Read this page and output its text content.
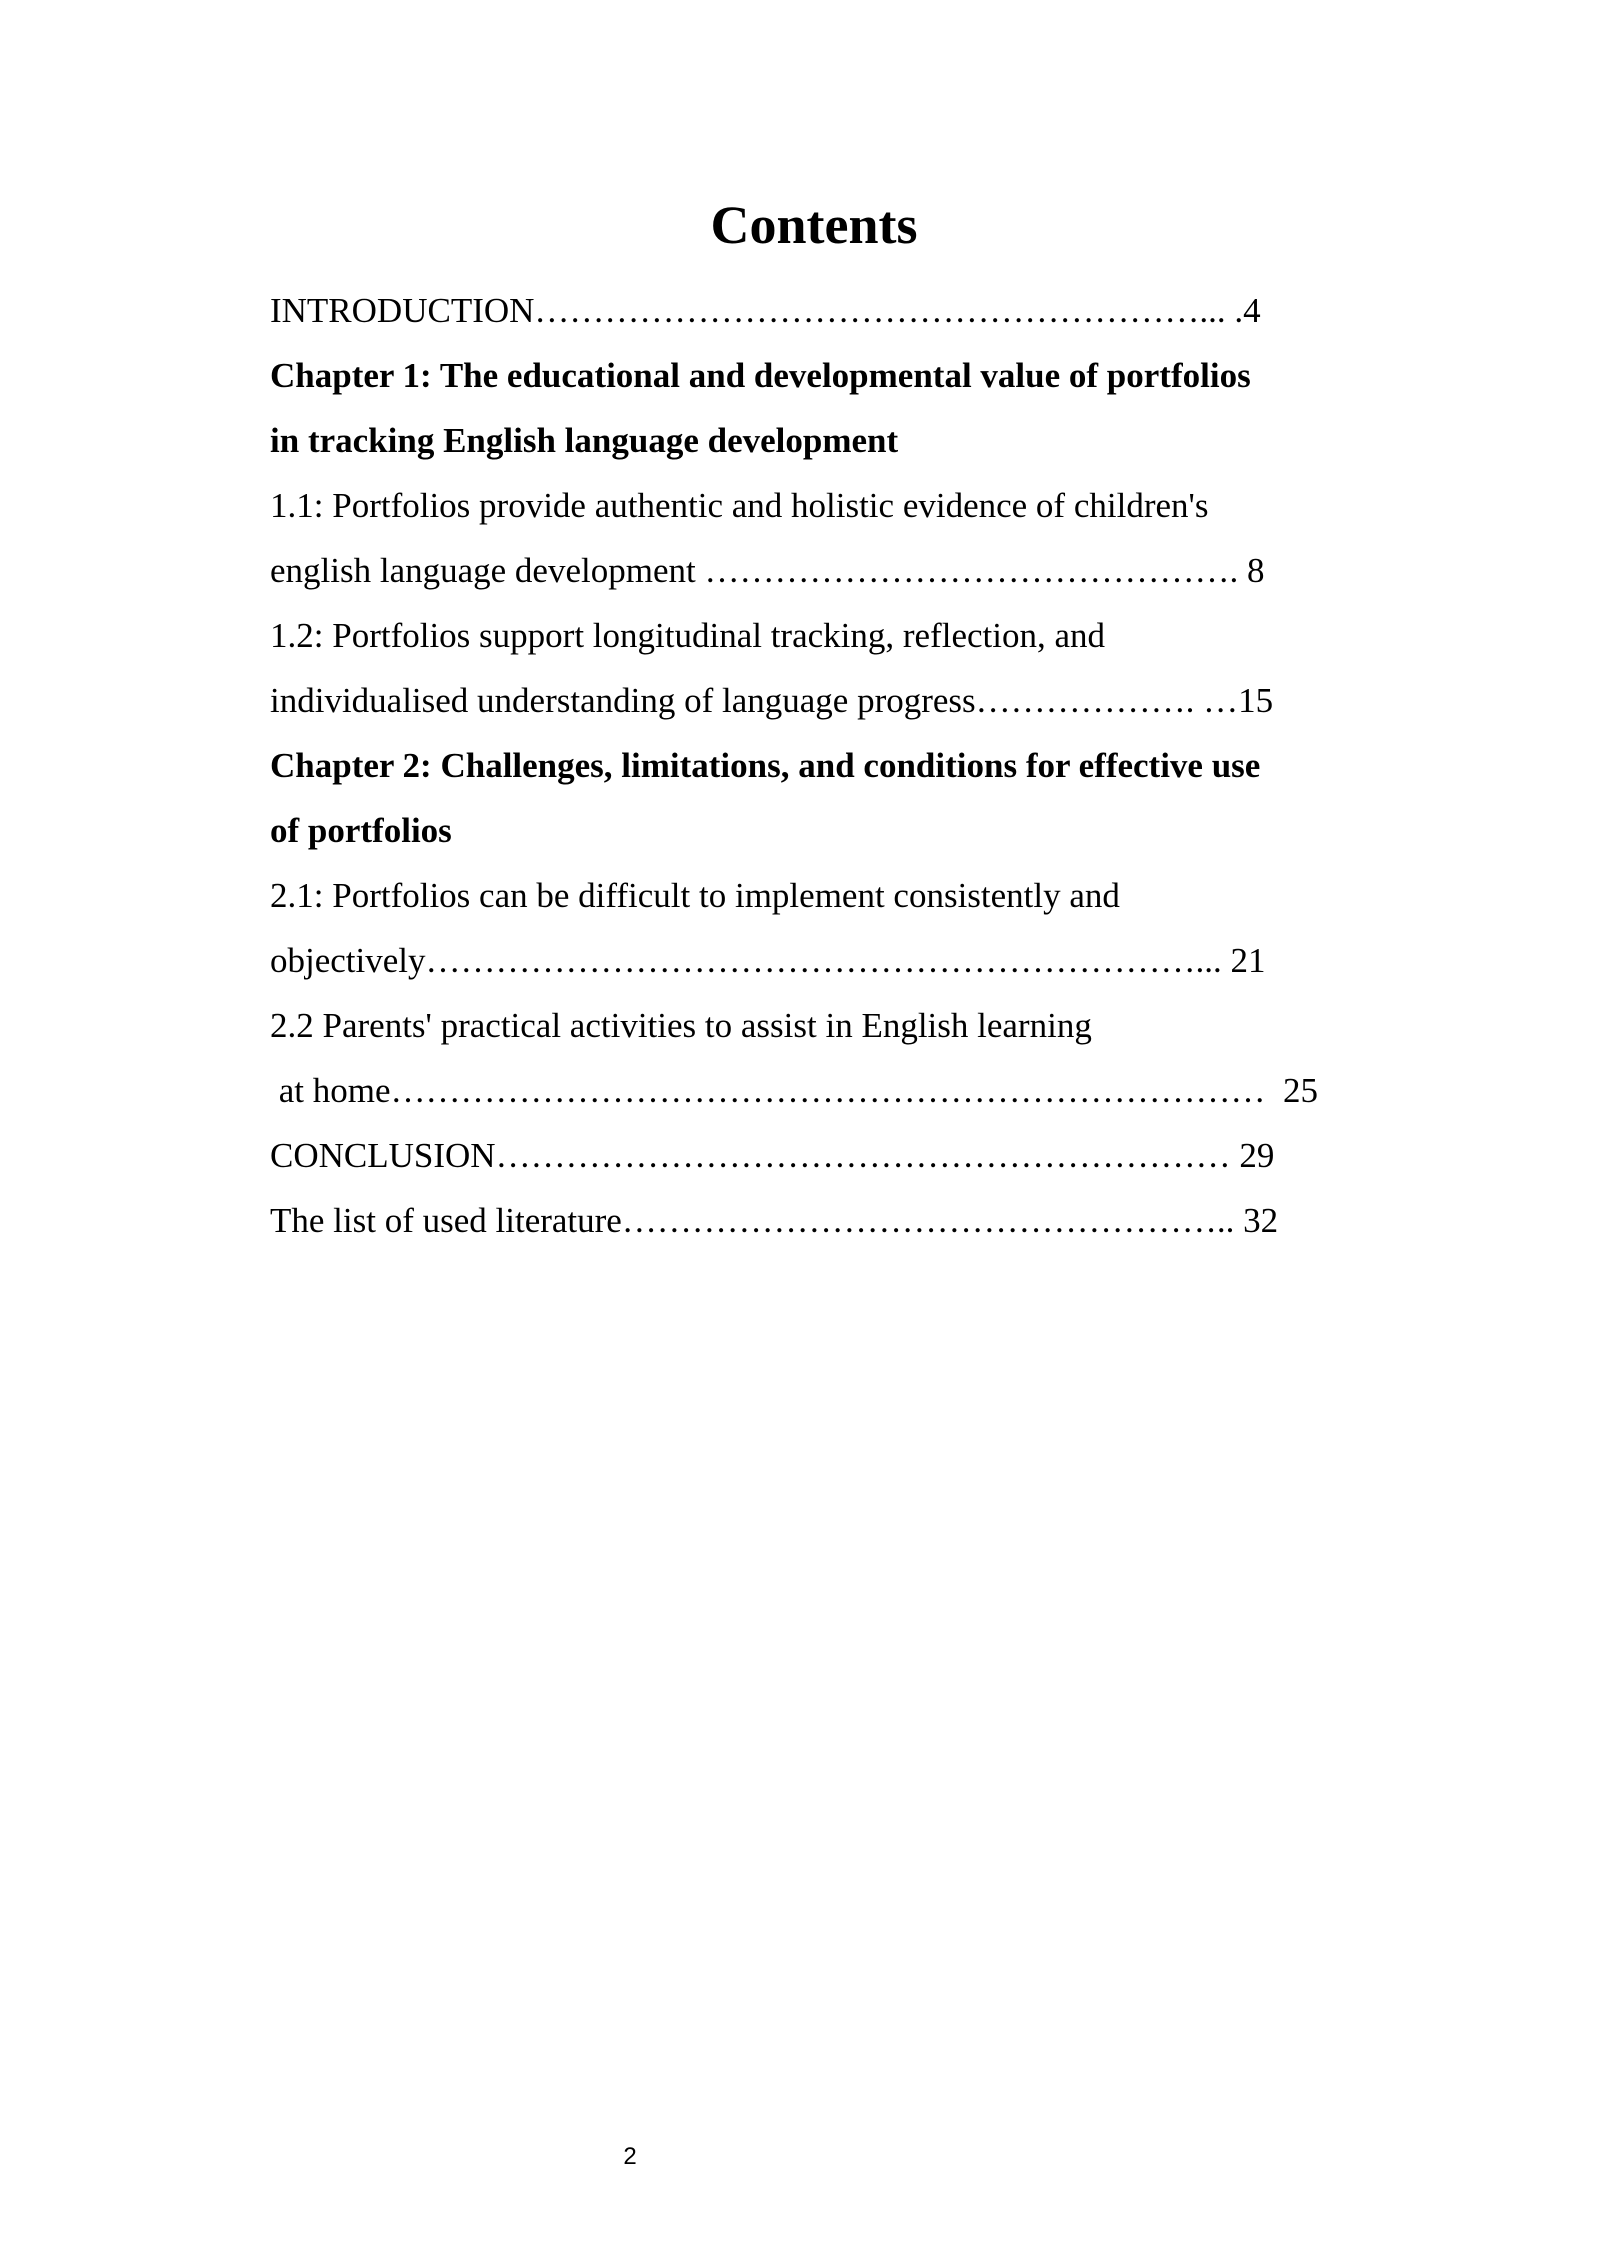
Contents
INTRODUCTION…………………………………………………... .4
Chapter 1: The educational and developmental value of portfolios
in tracking English language development
1.1: Portfolios provide authentic and holistic evidence of children's
english language development ………………………………………. 8
1.2: Portfolios support longitudinal tracking, reflection, and
individualised understanding of language progress………………. …15
Chapter 2: Challenges, limitations, and conditions for effective use
of portfolios
2.1: Portfolios can be difficult to implement consistently and
objectively…………………………………………………………... 21
2.2 Parents' practical activities to assist in English learning
at home…………………………………………………………………  25
CONCLUSION……………………………………………………… 29
The list of used literature…………………………………………….. 32
2
